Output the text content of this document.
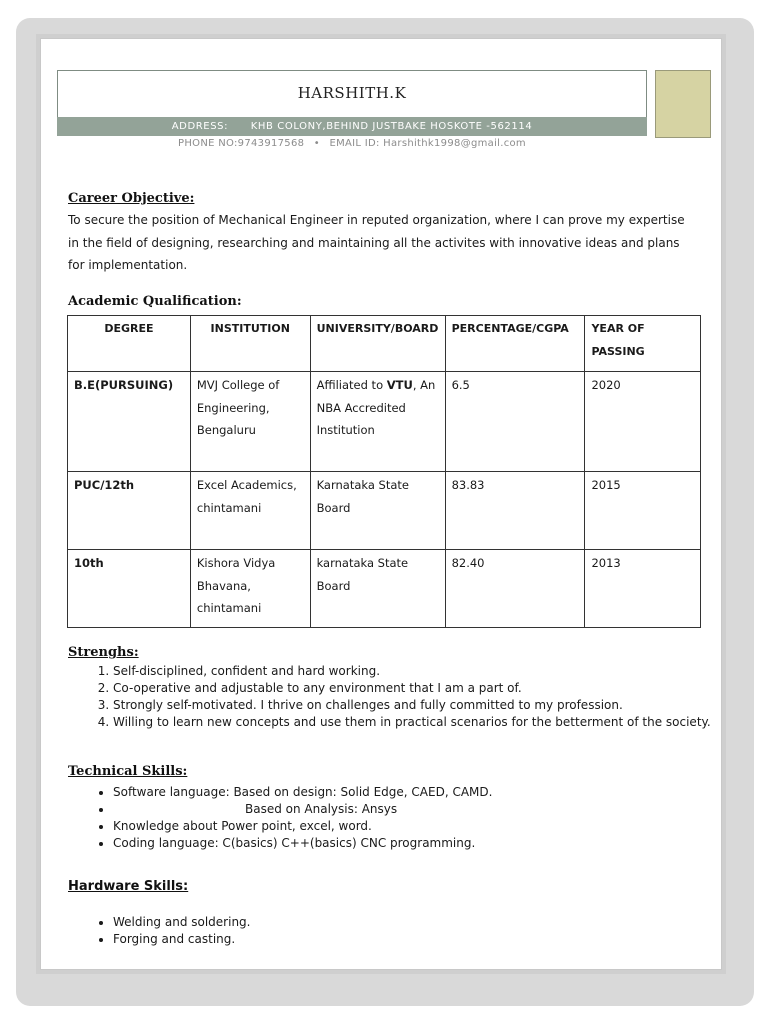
HARSHITH.K
ADDRESS: KHB COLONY,BEHIND JUSTBAKE HOSKOTE -562114
PHONE NO:9743917568 • EMAIL ID: Harshithk1998@gmail.com
Career Objective:
To secure the position of Mechanical Engineer in reputed organization, where I can prove my expertise in the field of designing, researching and maintaining all the activites with innovative ideas and plans for implementation.
Academic Qualification:
DEGREE	INSTITUTION	UNIVERSITY/BOARD	PERCENTAGE/CGPA	YEAR OF PASSING
B.E(PURSUING)	MVJ College of Engineering, Bengaluru	Affiliated to VTU, An NBA Accredited Institution	6.5	2020
PUC/12th	Excel Academics, chintamani	Karnataka State Board	83.83	2015
10th	Kishora Vidya Bhavana, chintamani	karnataka State Board	82.40	2013
Strenghs:
1. Self-disciplined, confident and hard working.
2. Co-operative and adjustable to any environment that I am a part of.
3. Strongly self-motivated. I thrive on challenges and fully committed to my profession.
4. Willing to learn new concepts and use them in practical scenarios for the betterment of the society.
Technical Skills:
• Software language: Based on design: Solid Edge, CAED, CAMD.
• Based on Analysis: Ansys
• Knowledge about Power point, excel, word.
• Coding language: C(basics) C++(basics) CNC programming.
Hardware Skills:
• Welding and soldering.
• Forging and casting.
